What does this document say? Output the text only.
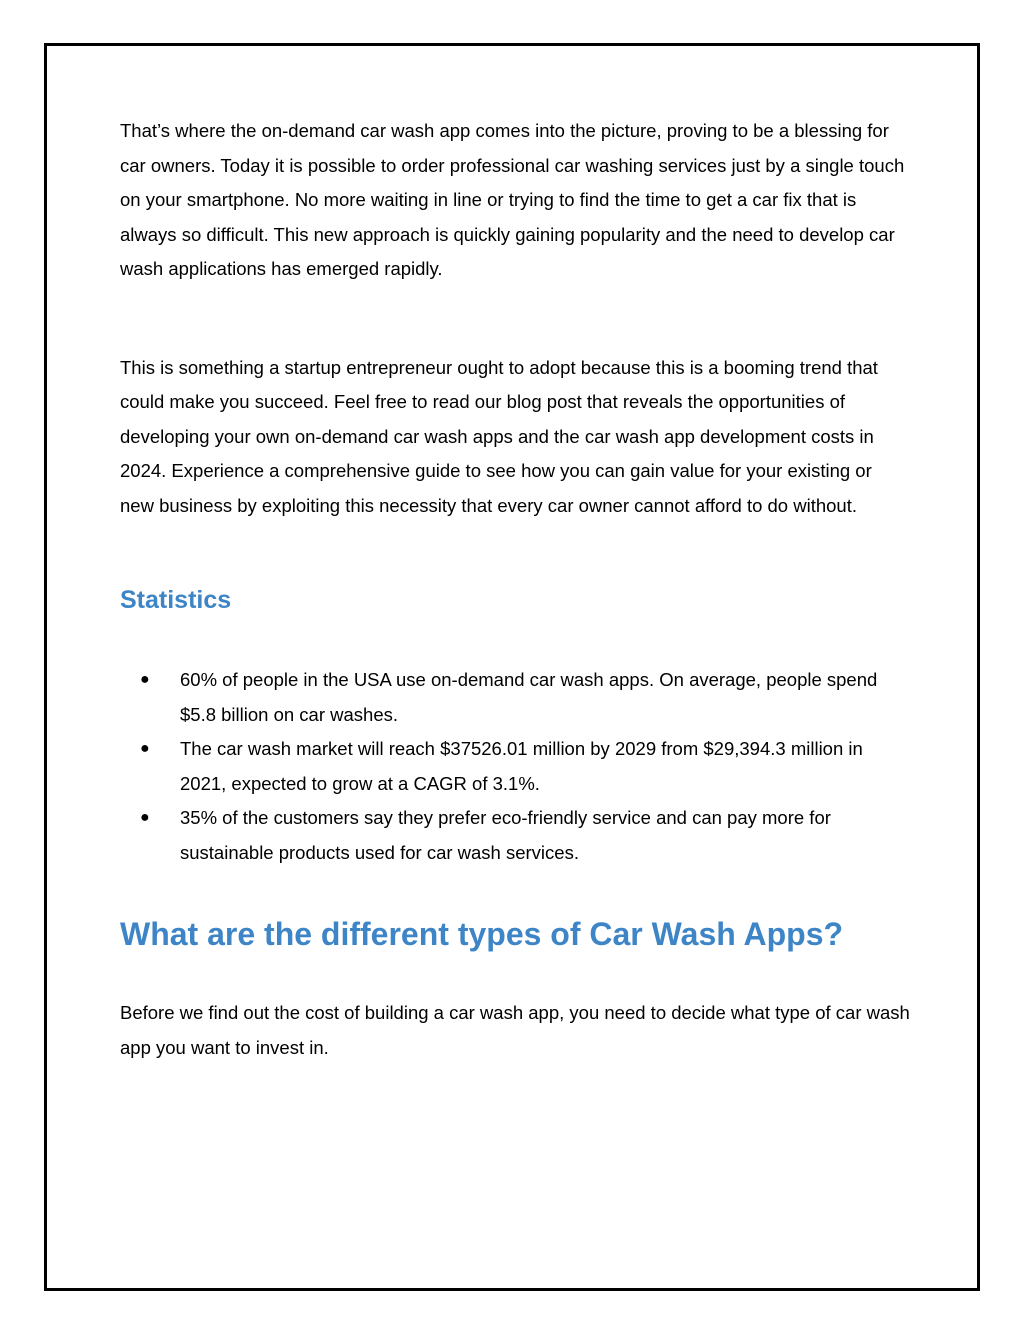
That’s where the on-demand car wash app comes into the picture, proving to be a blessing for car owners. Today it is possible to order professional car washing services just by a single touch on your smartphone. No more waiting in line or trying to find the time to get a car fix that is always so difficult. This new approach is quickly gaining popularity and the need to develop car wash applications has emerged rapidly.

This is something a startup entrepreneur ought to adopt because this is a booming trend that could make you succeed. Feel free to read our blog post that reveals the opportunities of developing your own on-demand car wash apps and the car wash app development costs in 2024. Experience a comprehensive guide to see how you can gain value for your existing or new business by exploiting this necessity that every car owner cannot afford to do without.

Statistics
● 60% of people in the USA use on-demand car wash apps. On average, people spend $5.8 billion on car washes.
● The car wash market will reach $37526.01 million by 2029 from $29,394.3 million in 2021, expected to grow at a CAGR of 3.1%.
● 35% of the customers say they prefer eco-friendly service and can pay more for sustainable products used for car wash services.
What are the different types of Car Wash Apps?

Before we find out the cost of building a car wash app, you need to decide what type of car wash app you want to invest in.
